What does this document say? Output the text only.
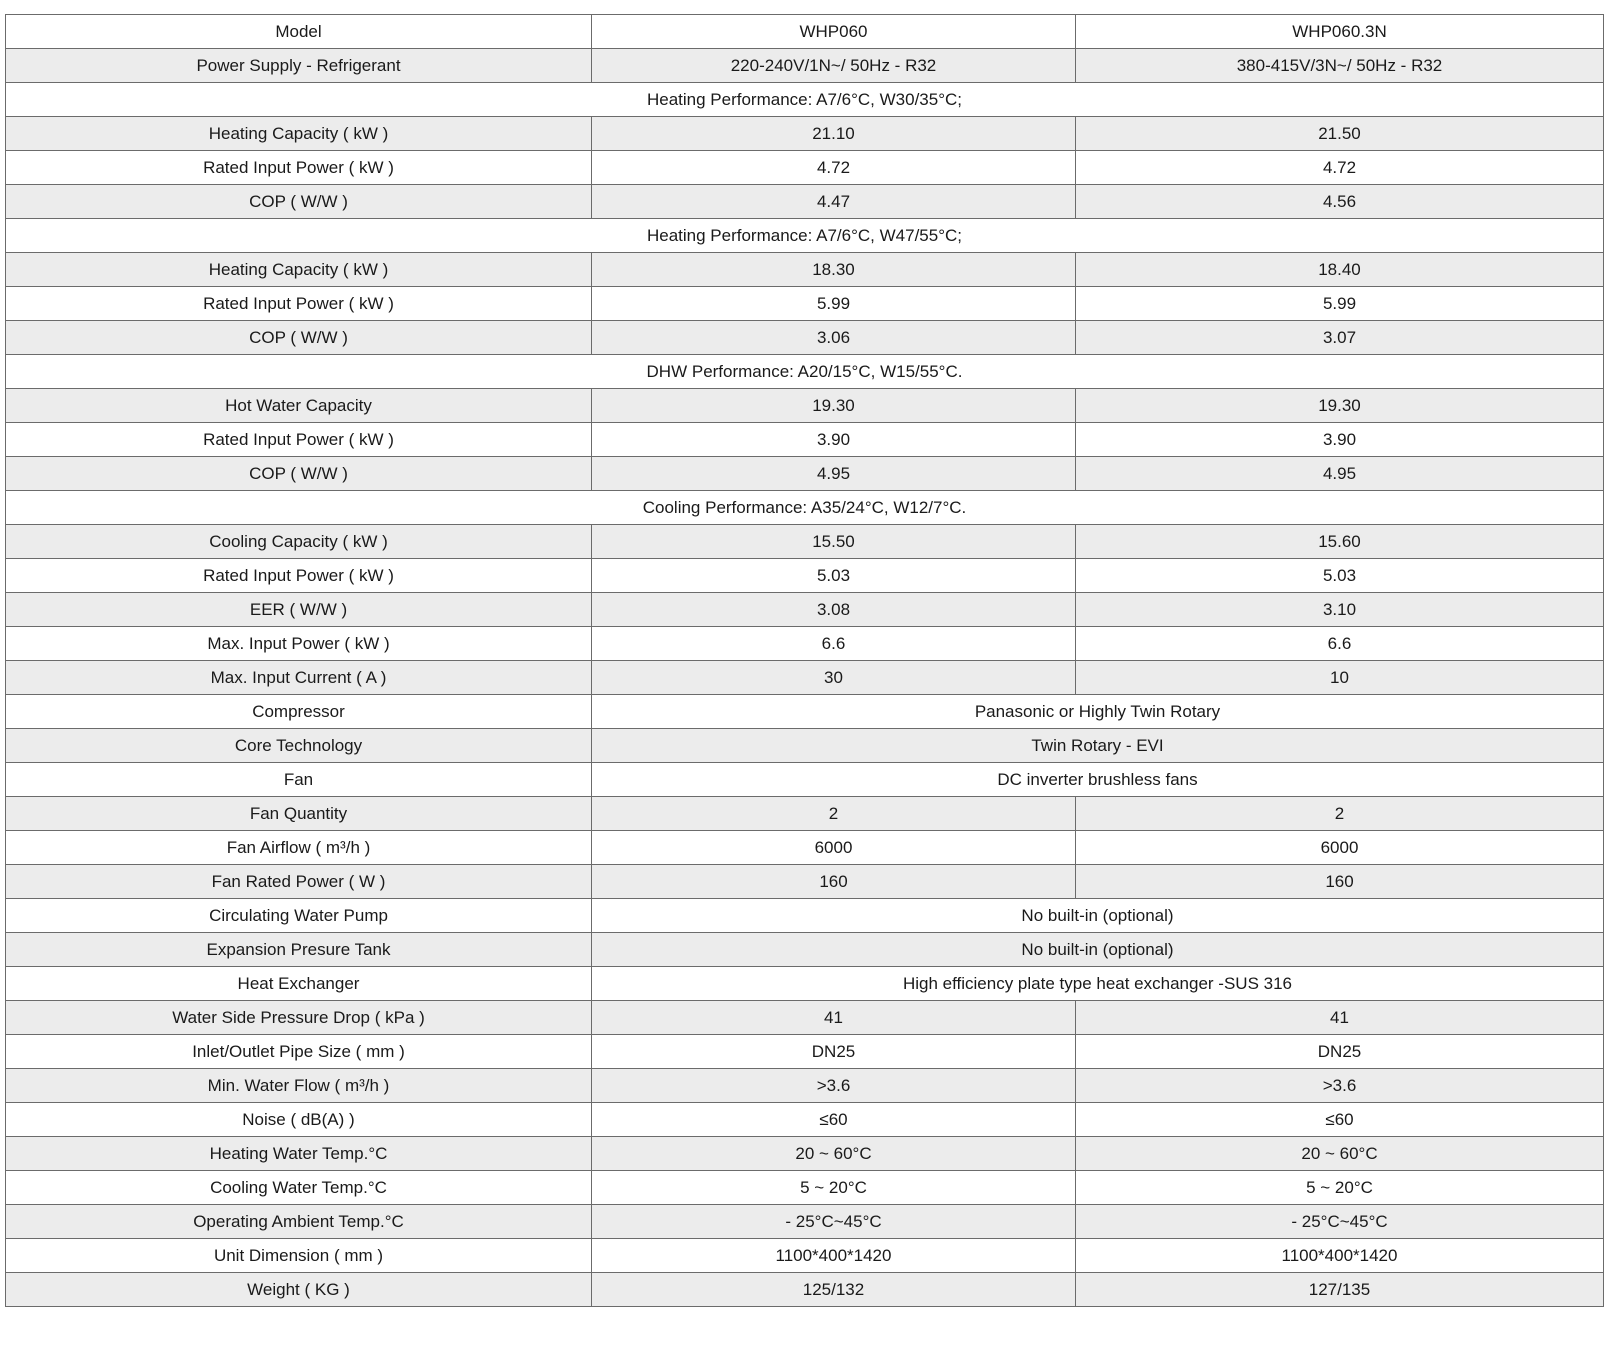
Model	WHP060	WHP060.3N
Power Supply - Refrigerant	220-240V/1N~/ 50Hz - R32	380-415V/3N~/ 50Hz - R32
Heating Performance: A7/6°C, W30/35°C;		
Heating Capacity ( kW )	21.10	21.50
Rated Input Power ( kW )	4.72	4.72
COP ( W/W )	4.47	4.56
Heating Performance: A7/6°C, W47/55°C;		
Heating Capacity ( kW )	18.30	18.40
Rated Input Power ( kW )	5.99	5.99
COP ( W/W )	3.06	3.07
DHW Performance: A20/15°C, W15/55°C.		
Hot Water Capacity	19.30	19.30
Rated Input Power ( kW )	3.90	3.90
COP ( W/W )	4.95	4.95
Cooling Performance: A35/24°C, W12/7°C.		
Cooling Capacity ( kW )	15.50	15.60
Rated Input Power ( kW )	5.03	5.03
EER ( W/W )	3.08	3.10
Max. Input Power ( kW )	6.6	6.6
Max. Input Current ( A )	30	10
Compressor	Panasonic or Highly Twin Rotary	
Core Technology	Twin Rotary - EVI	
Fan	DC inverter brushless fans	
Fan Quantity	2	2
Fan Airflow ( m³/h )	6000	6000
Fan Rated Power ( W )	160	160
Circulating Water Pump	No built-in (optional)	
Expansion Presure Tank	No built-in (optional)	
Heat Exchanger	High efficiency plate type heat exchanger -SUS 316	
Water Side Pressure Drop ( kPa )	41	41
Inlet/Outlet Pipe Size ( mm )	DN25	DN25
Min. Water Flow ( m³/h )	>3.6	>3.6
Noise ( dB(A) )	≤60	≤60
Heating Water Temp.°C	20 ~ 60°C	20 ~ 60°C
Cooling Water Temp.°C	5 ~ 20°C	5 ~ 20°C
Operating Ambient Temp.°C	- 25°C~45°C	- 25°C~45°C
Unit Dimension ( mm )	1100*400*1420	1100*400*1420
Weight ( KG )	125/132	127/135
